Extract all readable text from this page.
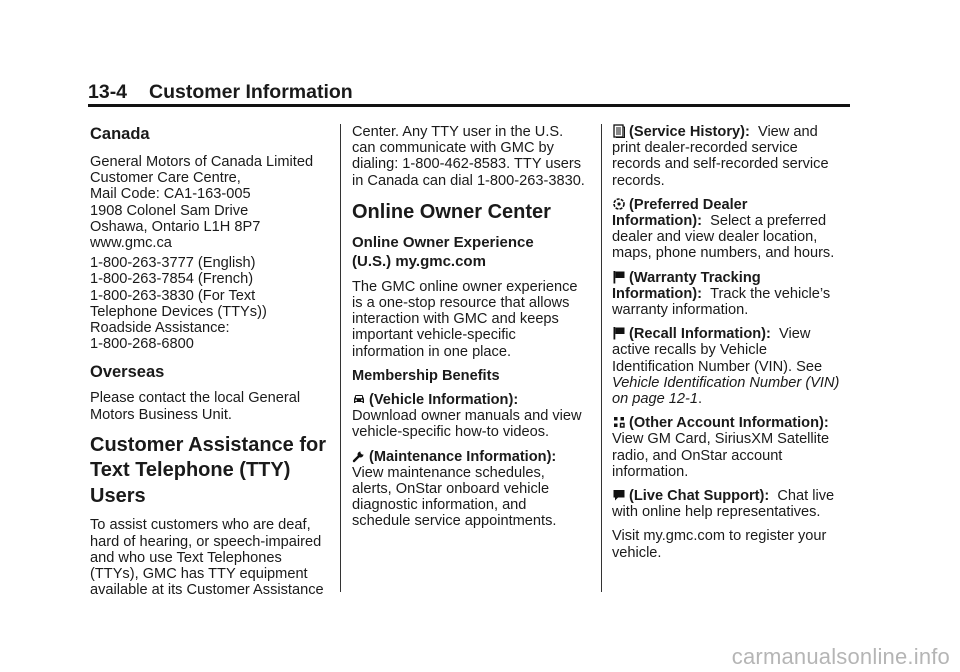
13-4 Customer Information
Canada

General Motors of Canada Limited
Customer Care Centre,
Mail Code: CA1-163-005
1908 Colonel Sam Drive
Oshawa, Ontario L1H 8P7
www.gmc.ca

1-800-263-3777 (English)
1-800-263-7854 (French)
1-800-263-3830 (For Text
Telephone Devices (TTYs))
Roadside Assistance:
1-800-268-6800

Overseas

Please contact the local General
Motors Business Unit.

Customer Assistance for
Text Telephone (TTY)
Users

To assist customers who are deaf,
hard of hearing, or speech-impaired
and who use Text Telephones
(TTYs), GMC has TTY equipment
available at its Customer Assistance

Center. Any TTY user in the U.S.
can communicate with GMC by
dialing: 1-800-462-8583. TTY users
in Canada can dial 1-800-263-3830.

Online Owner Center
Online Owner Experience
(U.S.) my.gmc.com

The GMC online owner experience
is a one-stop resource that allows
interaction with GMC and keeps
important vehicle-specific
information in one place.

Membership Benefits

(Vehicle Information):
Download owner manuals and view
vehicle-specific how-to videos.

(Maintenance Information):
View maintenance schedules,
alerts, OnStar onboard vehicle
diagnostic information, and
schedule service appointments.

(Service History): View and
print dealer-recorded service
records and self-recorded service
records.

(Preferred Dealer
Information): Select a preferred
dealer and view dealer location,
maps, phone numbers, and hours.

(Warranty Tracking
Information): Track the vehicle’s
warranty information.

(Recall Information): View
active recalls by Vehicle
Identification Number (VIN). See
Vehicle Identification Number (VIN)
on page 12-1.

(Other Account Information):
View GM Card, SiriusXM Satellite
radio, and OnStar account
information.

(Live Chat Support): Chat live
with online help representatives.

Visit my.gmc.com to register your
vehicle.

carmanualsonline.info
